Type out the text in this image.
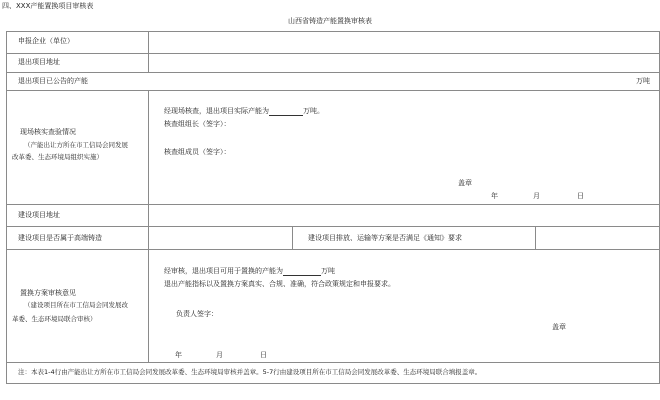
四、XXX产能置换项目审核表
山西省铸造产能置换审核表
申报企业（单位）
退出项目地址
退出项目已公告的产能	万吨
现场核实查验情况
（产能出让方所在市工信局会同发展
改革委、生态环境局组织实施）
经现场核查，退出项目实际产能为	万吨。
核查组组长（签字）：
核查组成员（签字）：
盖章
年	月	日
建设项目地址
建设项目是否属于高端铸造	建设项目排放、运输等方案是否满足《通知》要求
置换方案审核意见
（建设项目所在市工信局会同发展改
革委、生态环境局联合审核）
经审核，退出项目可用于置换的产能为	万吨
退出产能指标以及置换方案真实、合规、准确，符合政策规定和申报要求。
负责人签字：
盖章
年	月	日
注：本表1-4行由产能出让方所在市工信局会同发展改革委、生态环境局审核并盖章。5-7行由建设项目所在市工信局会同发展改革委、生态环境局联合填报盖章。
